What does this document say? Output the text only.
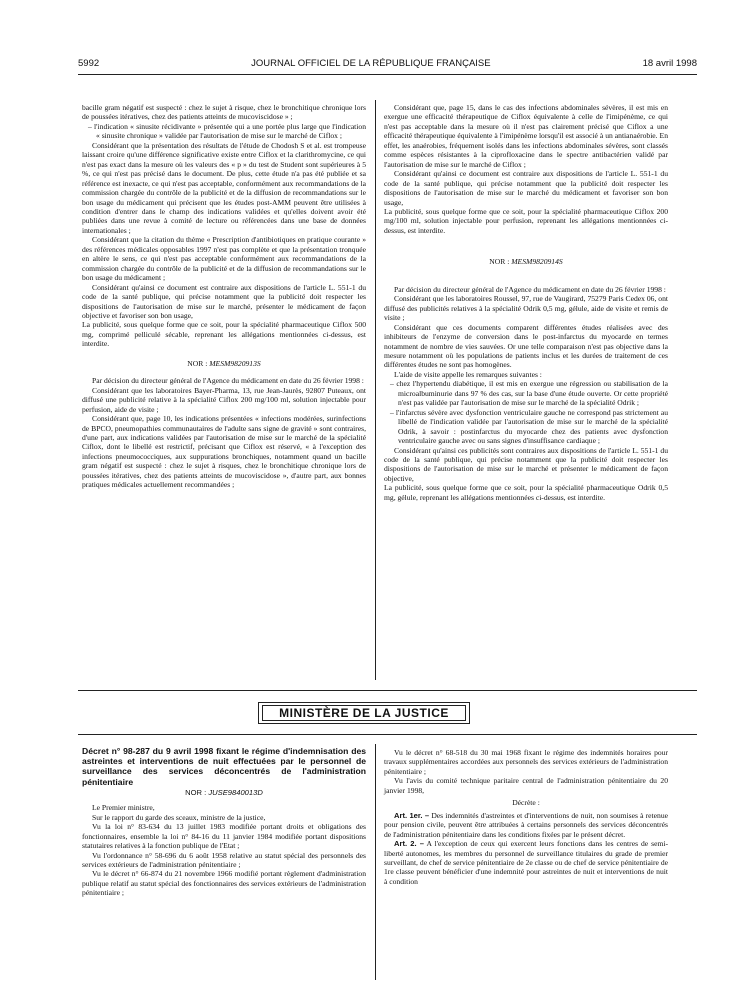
5992	JOURNAL OFFICIEL DE LA RÉPUBLIQUE FRANÇAISE	18 avril 1998

bacille gram négatif est suspecté : chez le sujet à risque, chez le bronchitique chronique lors de poussées itératives, chez des patients atteints de mucoviscidose » ;

– l'indication « sinusite récidivante » présentée qui a une portée plus large que l'indication « sinusite chronique » validée par l'autorisation de mise sur le marché de Ciflox ;

Considérant que la présentation des résultats de l'étude de Chodosh S et al. est trompeuse laissant croire qu'une différence significative existe entre Ciflox et la clarithromycine, ce qui n'est pas exact dans la mesure où les valeurs des « p » du test de Student sont supérieures à 5 %, ce qui n'est pas précisé dans le document. De plus, cette étude n'a pas été publiée et sa référence est inexacte, ce qui n'est pas acceptable, conformément aux recommandations de la commission chargée du contrôle de la publicité et de la diffusion de recommandations sur le bon usage du médicament qui précisent que les études post-AMM peuvent être utilisées à condition d'entrer dans le champ des indications validées et qu'elles doivent avoir été publiées dans une revue à comité de lecture ou référencées dans une base de données internationales ;

Considérant que la citation du thème « Prescription d'antibiotiques en pratique courante » des références médicales opposables 1997 n'est pas complète et que la présentation tronquée en altère le sens, ce qui n'est pas acceptable conformément aux recommandations de la commission chargée du contrôle de la publicité et de la diffusion de recommandations sur le bon usage du médicament ;

Considérant qu'ainsi ce document est contraire aux dispositions de l'article L. 551-1 du code de la santé publique, qui précise notamment que la publicité doit respecter les dispositions de l'autorisation de mise sur le marché, présenter le médicament de façon objective et favoriser son bon usage,

La publicité, sous quelque forme que ce soit, pour la spécialité pharmaceutique Ciflox 500 mg, comprimé pelliculé sécable, reprenant les allégations mentionnées ci-dessus, est interdite.

NOR : MESM9820913S

Par décision du directeur général de l'Agence du médicament en date du 26 février 1998 :

Considérant que les laboratoires Bayer-Pharma, 13, rue Jean-Jaurès, 92807 Puteaux, ont diffusé une publicité relative à la spécialité Ciflox 200 mg/100 ml, solution injectable pour perfusion, aide de visite ;

Considérant que, page 10, les indications présentées « infections modérées, surinfections de BPCO, pneumopathies communautaires de l'adulte sans signe de gravité » sont contraires, d'une part, aux indications validées par l'autorisation de mise sur le marché de la spécialité Ciflox, dont le libellé est restrictif, précisant que Ciflox est réservé, « à l'exception des infections pneumococciques, aux suppurations bronchiques, notamment quand un bacille gram négatif est suspecté : chez le sujet à risques, chez le bronchitique chronique lors de poussées itératives, chez des patients atteints de mucoviscidose », d'autre part, aux bonnes pratiques médicales actuellement recommandées ;

Considérant que, page 15, dans le cas des infections abdominales sévères, il est mis en exergue une efficacité thérapeutique de Ciflox équivalente à celle de l'imipénème, ce qui n'est pas acceptable dans la mesure où il n'est pas clairement précisé que Ciflox a une efficacité thérapeutique équivalente à l'imipénème lorsqu'il est associé à un antianaérobie. En effet, les anaérobies, fréquement isolés dans les infections abdominales sévères, sont classés comme espèces résistantes à la ciprofloxacine dans le spectre antibactérien validé par l'autorisation de mise sur le marché de Ciflox ;

Considérant qu'ainsi ce document est contraire aux dispositions de l'article L. 551-1 du code de la santé publique, qui précise notamment que la publicité doit respecter les dispositions de l'autorisation de mise sur le marché du médicament et favoriser son bon usage,

La publicité, sous quelque forme que ce soit, pour la spécialité pharmaceutique Ciflox 200 mg/100 ml, solution injectable pour perfusion, reprenant les allégations mentionnées ci-dessus, est interdite.

NOR : MESM9820914S

Par décision du directeur général de l'Agence du médicament en date du 26 février 1998 :

Considérant que les laboratoires Roussel, 97, rue de Vaugirard, 75279 Paris Cedex 06, ont diffusé des publicités relatives à la spécialité Odrik 0,5 mg, gélule, aide de visite et remis de visite ;

Considérant que ces documents comparent différentes études réalisées avec des inhibiteurs de l'enzyme de conversion dans le post-infarctus du myocarde en termes notamment de nombre de vies sauvées. Or une telle comparaison n'est pas objective dans la mesure notamment où les populations de patients inclus et les durées de traitement de ces différentes études ne sont pas homogènes.

L'aide de visite appelle les remarques suivantes :

– chez l'hypertendu diabétique, il est mis en exergue une régression ou stabilisation de la microalbuminurie dans 97 % des cas, sur la base d'une étude ouverte. Or cette propriété n'est pas validée par l'autorisation de mise sur le marché de la spécialité Odrik ;

– l'infarctus sévère avec dysfonction ventriculaire gauche ne correspond pas strictement au libellé de l'indication validée par l'autorisation de mise sur le marché de la spécialité Odrik, à savoir : postinfarctus du myocarde chez des patients avec dysfonction ventriculaire gauche avec ou sans signes d'insuffisance cardiaque ;

Considérant qu'ainsi ces publicités sont contraires aux dispositions de l'article L. 551-1 du code de la santé publique, qui précise notamment que la publicité doit respecter les dispositions de l'autorisation de mise sur le marché et présenter le médicament de façon objective,

La publicité, sous quelque forme que ce soit, pour la spécialité pharmaceutique Odrik 0,5 mg, gélule, reprenant les allégations mentionnées ci-dessus, est interdite.

MINISTÈRE DE LA JUSTICE

Décret n° 98-287 du 9 avril 1998 fixant le régime d'indemnisation des astreintes et interventions de nuit effectuées par le personnel de surveillance des services déconcentrés de l'administration pénitentiaire

NOR : JUSE9840013D

Le Premier ministre,

Sur le rapport du garde des sceaux, ministre de la justice,

Vu la loi n° 83-634 du 13 juillet 1983 modifiée portant droits et obligations des fonctionnaires, ensemble la loi n° 84-16 du 11 janvier 1984 modifiée portant dispositions statutaires relatives à la fonction publique de l'Etat ;

Vu l'ordonnance n° 58-696 du 6 août 1958 relative au statut spécial des personnels des services extérieurs de l'administration pénitentiaire ;

Vu le décret n° 66-874 du 21 novembre 1966 modifié portant règlement d'administration publique relatif au statut spécial des fonctionnaires des services extérieurs de l'administration pénitentiaire ;

Vu le décret n° 68-518 du 30 mai 1968 fixant le régime des indemnités horaires pour travaux supplémentaires accordées aux personnels des services extérieurs de l'administration pénitentiaire ;

Vu l'avis du comité technique paritaire central de l'administration pénitentiaire du 20 janvier 1998,

Décrète :

Art. 1er. – Des indemnités d'astreintes et d'interventions de nuit, non soumises à retenue pour pension civile, peuvent être attribuées à certains personnels des services déconcentrés de l'administration pénitentiaire dans les conditions fixées par le présent décret.

Art. 2. – A l'exception de ceux qui exercent leurs fonctions dans les centres de semi-liberté autonomes, les membres du personnel de surveillance titulaires du grade de premier surveillant, de chef de service pénitentiaire de 2e classe ou de chef de service pénitentiaire de 1re classe peuvent bénéficier d'une indemnité pour astreintes de nuit et interventions de nuit à condition
